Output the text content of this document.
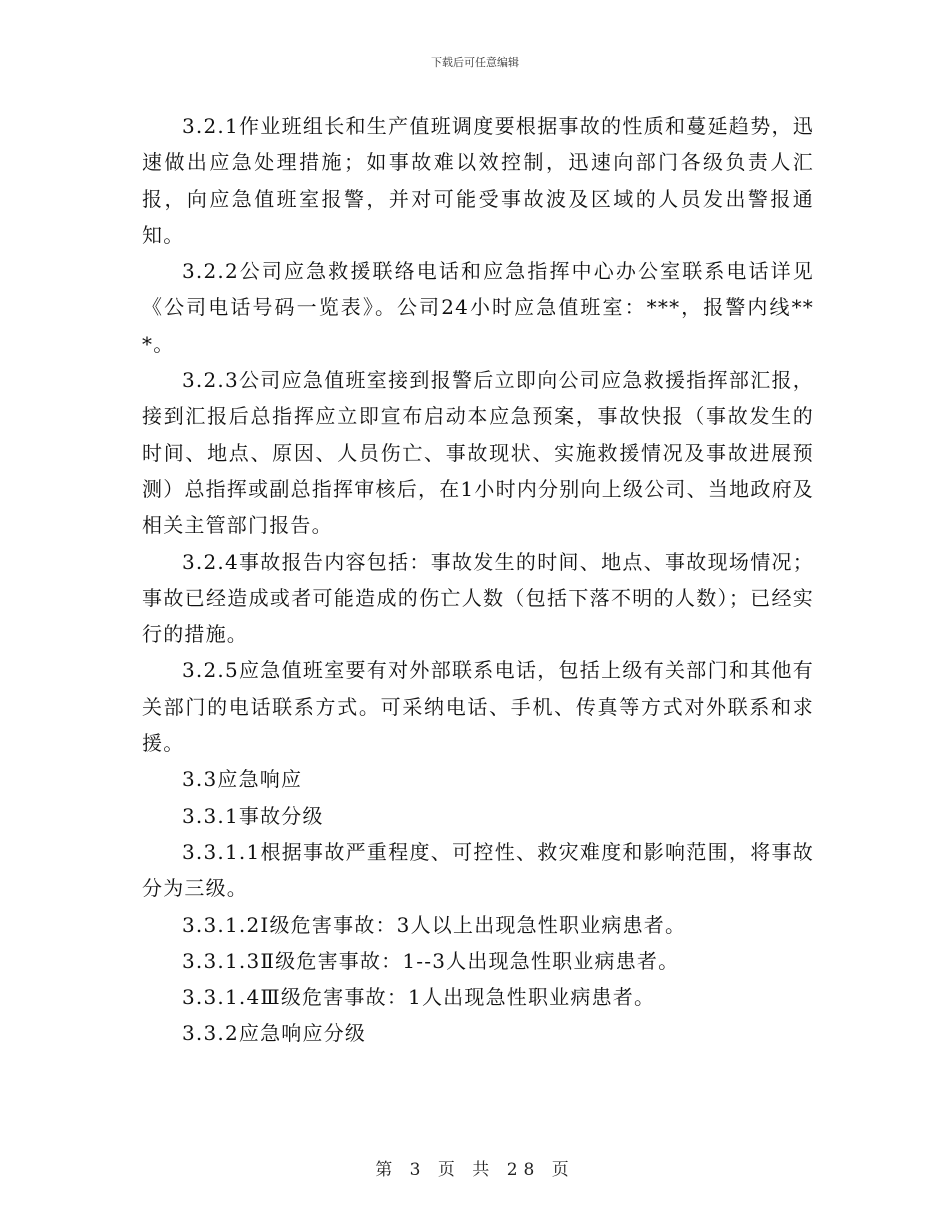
下载后可任意编辑

3.2.1作业班组长和生产值班调度要根据事故的性质和蔓延趋势，迅速做出应急处理措施；如事故难以效控制，迅速向部门各级负责人汇报，向应急值班室报警，并对可能受事故波及区域的人员发出警报通知。

3.2.2公司应急救援联络电话和应急指挥中心办公室联系电话详见《公司电话号码一览表》。公司24小时应急值班室：***，报警内线***。

3.2.3公司应急值班室接到报警后立即向公司应急救援指挥部汇报，接到汇报后总指挥应立即宣布启动本应急预案，事故快报（事故发生的时间、地点、原因、人员伤亡、事故现状、实施救援情况及事故进展预测）总指挥或副总指挥审核后，在1小时内分别向上级公司、当地政府及相关主管部门报告。

3.2.4事故报告内容包括：事故发生的时间、地点、事故现场情况；事故已经造成或者可能造成的伤亡人数（包括下落不明的人数）；已经实行的措施。

3.2.5应急值班室要有对外部联系电话，包括上级有关部门和其他有关部门的电话联系方式。可采纳电话、手机、传真等方式对外联系和求援。

3.3应急响应

3.3.1事故分级

3.3.1.1根据事故严重程度、可控性、救灾难度和影响范围，将事故分为三级。

3.3.1.2Ⅰ级危害事故：3人以上出现急性职业病患者。

3.3.1.3Ⅱ级危害事故：1--3人出现急性职业病患者。

3.3.1.4Ⅲ级危害事故：1人出现急性职业病患者。

3.3.2应急响应分级

第 3 页 共 28 页
